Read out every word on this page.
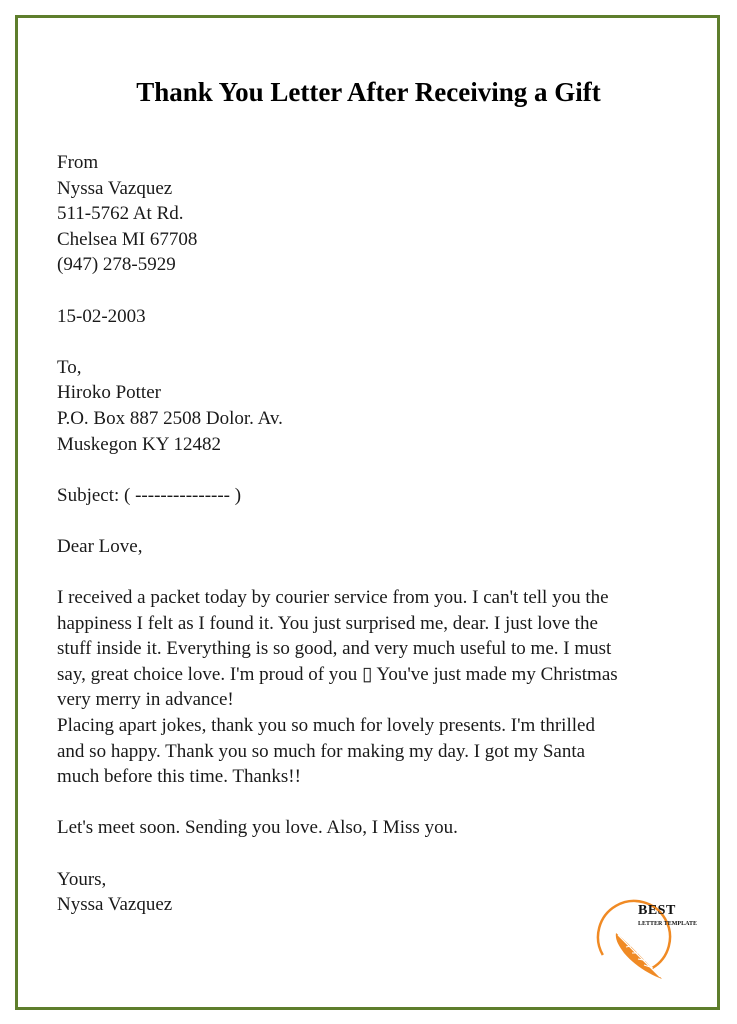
Thank You Letter After Receiving a Gift
From
Nyssa Vazquez
511-5762 At Rd.
Chelsea MI 67708
(947) 278-5929
15-02-2003
To,
Hiroko Potter
P.O. Box 887 2508 Dolor. Av.
Muskegon KY 12482
Subject: ( --------------- )
Dear Love,
I received a packet today by courier service from you. I can't tell you the
happiness I felt as I found it. You just surprised me, dear. I just love the
stuff inside it. Everything is so good, and very much useful to me. I must
say, great choice love. I'm proud of you ▯ You've just made my Christmas
very merry in advance!
Placing apart jokes, thank you so much for lovely presents. I'm thrilled
and so happy. Thank you so much for making my day. I got my Santa
much before this time. Thanks!!
Let's meet soon. Sending you love. Also, I Miss you.
Yours,
Nyssa Vazquez	BEST
LETTER TEMPLATE
